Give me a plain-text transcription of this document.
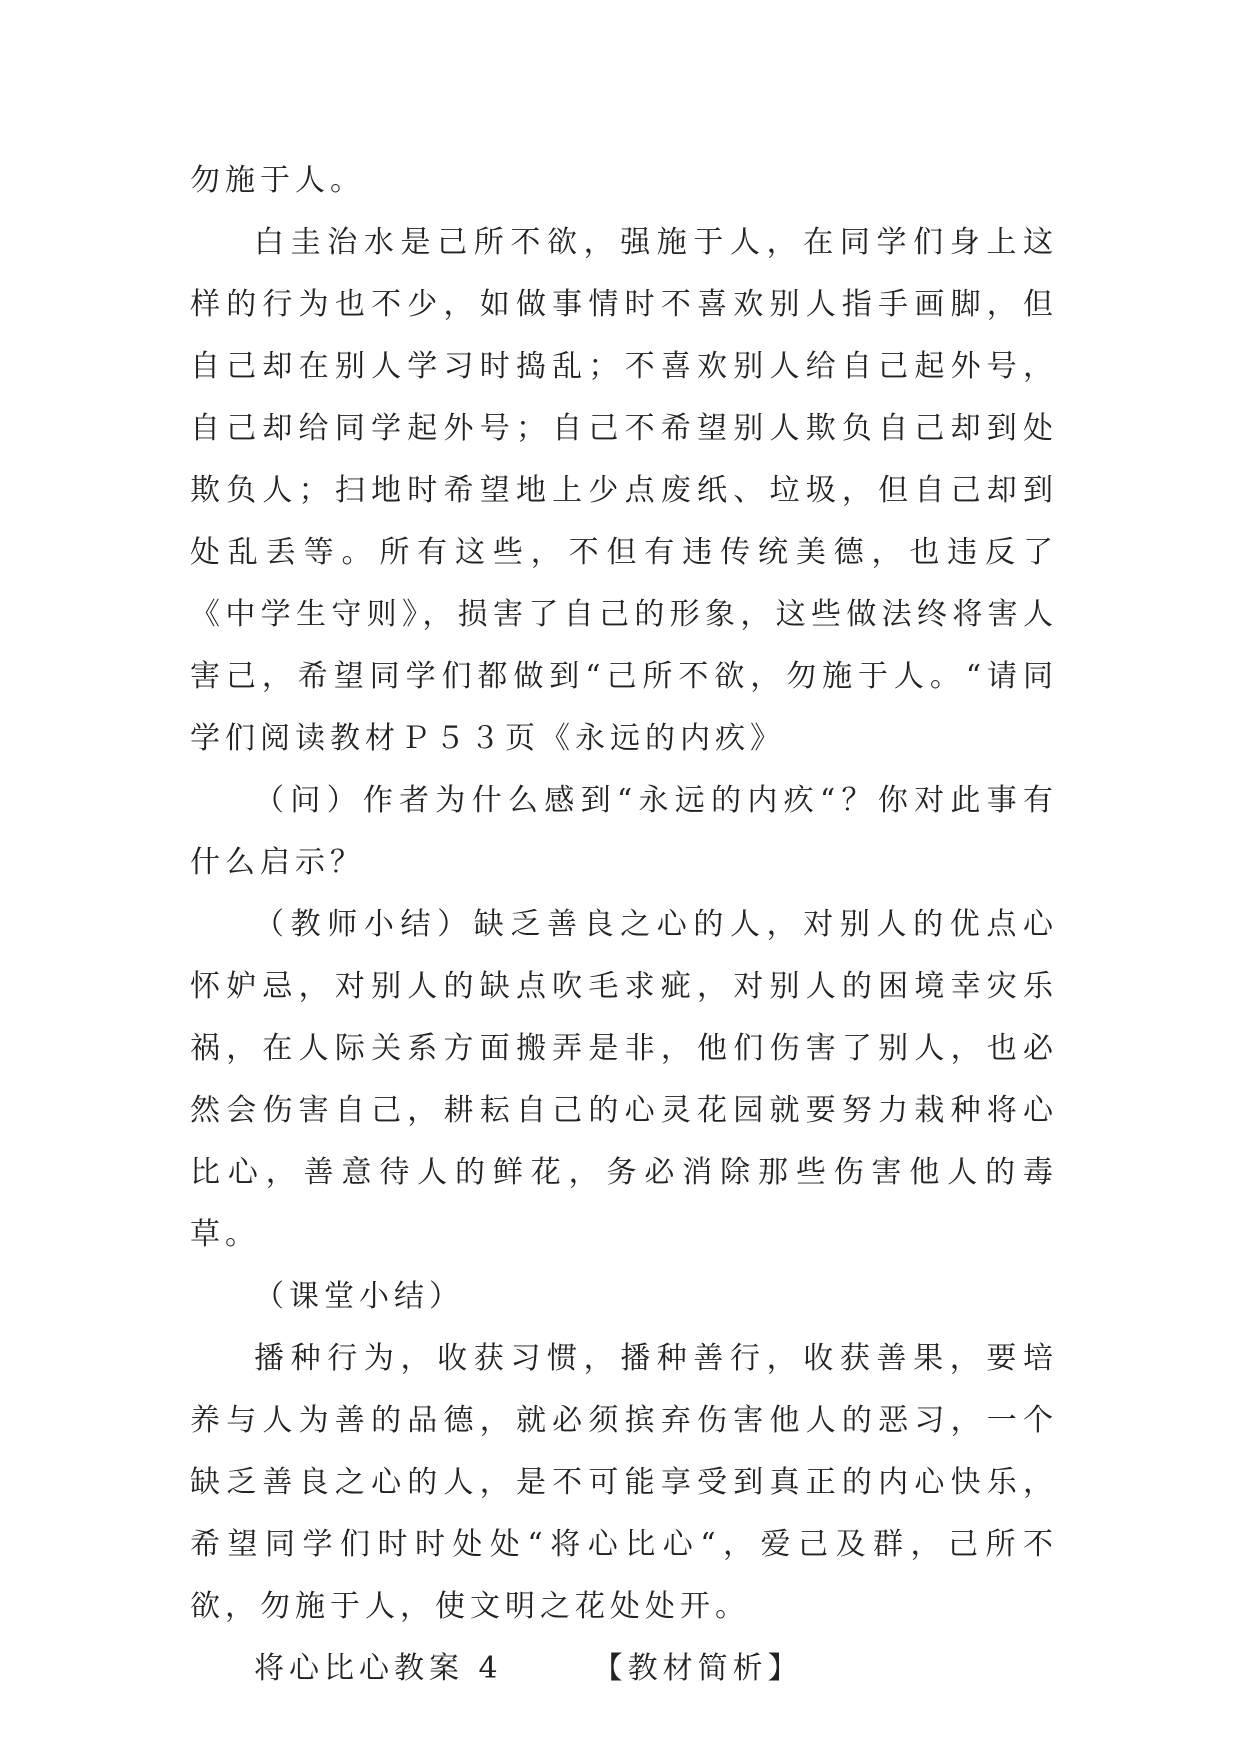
勿施于人。

白圭治水是己所不欲，强施于人，在同学们身上这样的行为也不少，如做事情时不喜欢别人指手画脚，但自己却在别人学习时捣乱；不喜欢别人给自己起外号，自己却给同学起外号；自己不希望别人欺负自己却到处欺负人；扫地时希望地上少点废纸、垃圾，但自己却到处乱丢等。所有这些，不但有违传统美德，也违反了《中学生守则》，损害了自己的形象，这些做法终将害人害己，希望同学们都做到“己所不欲，勿施于人。“请同学们阅读教材Ｐ５３页《永远的内疚》

（问）作者为什么感到“永远的内疚“？你对此事有什么启示？

（教师小结）缺乏善良之心的人，对别人的优点心怀妒忌，对别人的缺点吹毛求疵，对别人的困境幸灾乐祸，在人际关系方面搬弄是非，他们伤害了别人，也必然会伤害自己，耕耘自己的心灵花园就要努力栽种将心比心，善意待人的鲜花，务必消除那些伤害他人的毒草。

（课堂小结）

播种行为，收获习惯，播种善行，收获善果，要培养与人为善的品德，就必须摈弃伤害他人的恶习，一个缺乏善良之心的人，是不可能享受到真正的内心快乐，希望同学们时时处处“将心比心“，爱己及群，己所不欲，勿施于人，使文明之花处处开。

将心比心教案 4	【教材简析】
